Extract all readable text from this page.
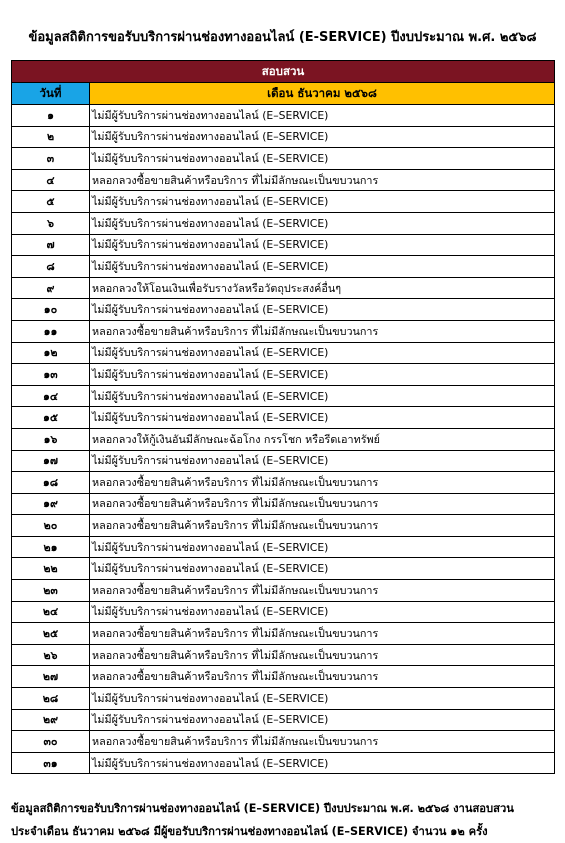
ข้อมูลสถิติการขอรับบริการผ่านช่องทางออนไลน์ (E-SERVICE) ปีงบประมาณ พ.ศ. ๒๕๖๘
สอบสวน	
วันที่	เดือน ธันวาคม ๒๕๖๘
๑	ไม่มีผู้รับบริการผ่านช่องทางออนไลน์ (E–SERVICE)
๒	ไม่มีผู้รับบริการผ่านช่องทางออนไลน์ (E–SERVICE)
๓	ไม่มีผู้รับบริการผ่านช่องทางออนไลน์ (E–SERVICE)
๔	หลอกลวงซื้อขายสินค้าหรือบริการ ที่ไม่มีลักษณะเป็นขบวนการ
๕	ไม่มีผู้รับบริการผ่านช่องทางออนไลน์ (E–SERVICE)
๖	ไม่มีผู้รับบริการผ่านช่องทางออนไลน์ (E–SERVICE)
๗	ไม่มีผู้รับบริการผ่านช่องทางออนไลน์ (E–SERVICE)
๘	ไม่มีผู้รับบริการผ่านช่องทางออนไลน์ (E–SERVICE)
๙	หลอกลวงให้โอนเงินเพื่อรับรางวัลหรือวัตถุประสงค์อื่นๆ
๑๐	ไม่มีผู้รับบริการผ่านช่องทางออนไลน์ (E–SERVICE)
๑๑	หลอกลวงซื้อขายสินค้าหรือบริการ ที่ไม่มีลักษณะเป็นขบวนการ
๑๒	ไม่มีผู้รับบริการผ่านช่องทางออนไลน์ (E–SERVICE)
๑๓	ไม่มีผู้รับบริการผ่านช่องทางออนไลน์ (E–SERVICE)
๑๔	ไม่มีผู้รับบริการผ่านช่องทางออนไลน์ (E–SERVICE)
๑๕	ไม่มีผู้รับบริการผ่านช่องทางออนไลน์ (E–SERVICE)
๑๖	หลอกลวงให้กู้เงินอันมีลักษณะฉ้อโกง กรรโชก หรือรีดเอาทรัพย์
๑๗	ไม่มีผู้รับบริการผ่านช่องทางออนไลน์ (E–SERVICE)
๑๘	หลอกลวงซื้อขายสินค้าหรือบริการ ที่ไม่มีลักษณะเป็นขบวนการ
๑๙	หลอกลวงซื้อขายสินค้าหรือบริการ ที่ไม่มีลักษณะเป็นขบวนการ
๒๐	หลอกลวงซื้อขายสินค้าหรือบริการ ที่ไม่มีลักษณะเป็นขบวนการ
๒๑	ไม่มีผู้รับบริการผ่านช่องทางออนไลน์ (E–SERVICE)
๒๒	ไม่มีผู้รับบริการผ่านช่องทางออนไลน์ (E–SERVICE)
๒๓	หลอกลวงซื้อขายสินค้าหรือบริการ ที่ไม่มีลักษณะเป็นขบวนการ
๒๔	ไม่มีผู้รับบริการผ่านช่องทางออนไลน์ (E–SERVICE)
๒๕	หลอกลวงซื้อขายสินค้าหรือบริการ ที่ไม่มีลักษณะเป็นขบวนการ
๒๖	หลอกลวงซื้อขายสินค้าหรือบริการ ที่ไม่มีลักษณะเป็นขบวนการ
๒๗	หลอกลวงซื้อขายสินค้าหรือบริการ ที่ไม่มีลักษณะเป็นขบวนการ
๒๘	ไม่มีผู้รับบริการผ่านช่องทางออนไลน์ (E–SERVICE)
๒๙	ไม่มีผู้รับบริการผ่านช่องทางออนไลน์ (E–SERVICE)
๓๐	หลอกลวงซื้อขายสินค้าหรือบริการ ที่ไม่มีลักษณะเป็นขบวนการ
๓๑	ไม่มีผู้รับบริการผ่านช่องทางออนไลน์ (E–SERVICE)
ข้อมูลสถิติการขอรับบริการผ่านช่องทางออนไลน์ (E–SERVICE) ปีงบประมาณ พ.ศ. ๒๕๖๘ งานสอบสวน
ประจำเดือน ธันวาคม ๒๕๖๘ มีผู้ขอรับบริการผ่านช่องทางออนไลน์ (E–SERVICE) จำนวน ๑๒ ครั้ง
